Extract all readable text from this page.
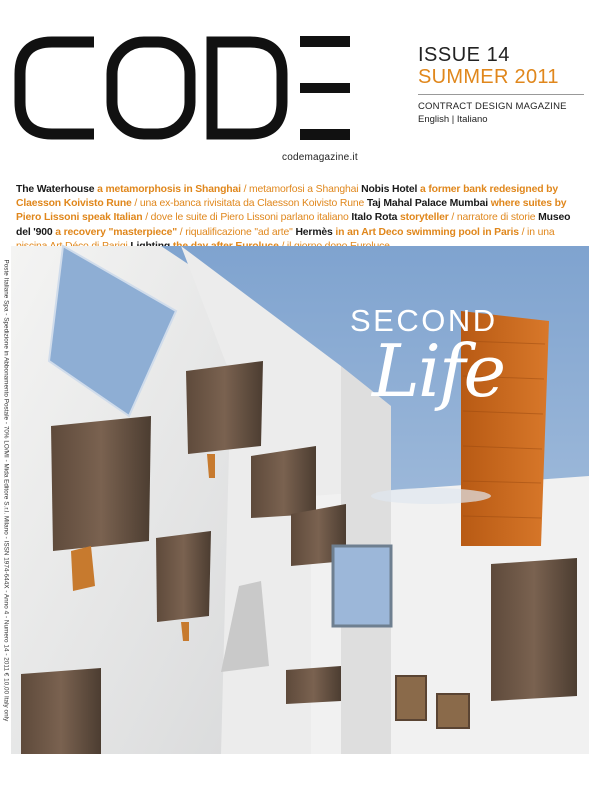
CODE
ISSUE 14
SUMMER 2011
CONTRACT DESIGN MAGAZINE
English | Italiano
codemagazine.it
The Waterhouse a metamorphosis in Shanghai / metamorfosi a Shanghai Nobis Hotel a former bank redesigned by Claesson Koivisto Rune / una ex-banca rivisitata da Claesson Koivisto Rune Taj Mahal Palace Mumbai where suites by Piero Lissoni speak Italian / dove le suite di Piero Lissoni parlano italiano Italo Rota storyteller / narratore di storie Museo del '900 a recovery "masterpiece" / riqualificazione "ad arte" Hermès in an Art Deco swimming pool in Paris / in una
Poste Italiane Spa - Spedizione in Abbonamento Postale - 70% LO/MI - Mida Editore S.r.l. Milano - ISSN 1974-644X - Anno 4 - Numero 14 - 2011 € 10,00 Italy only	SECOND
Life
